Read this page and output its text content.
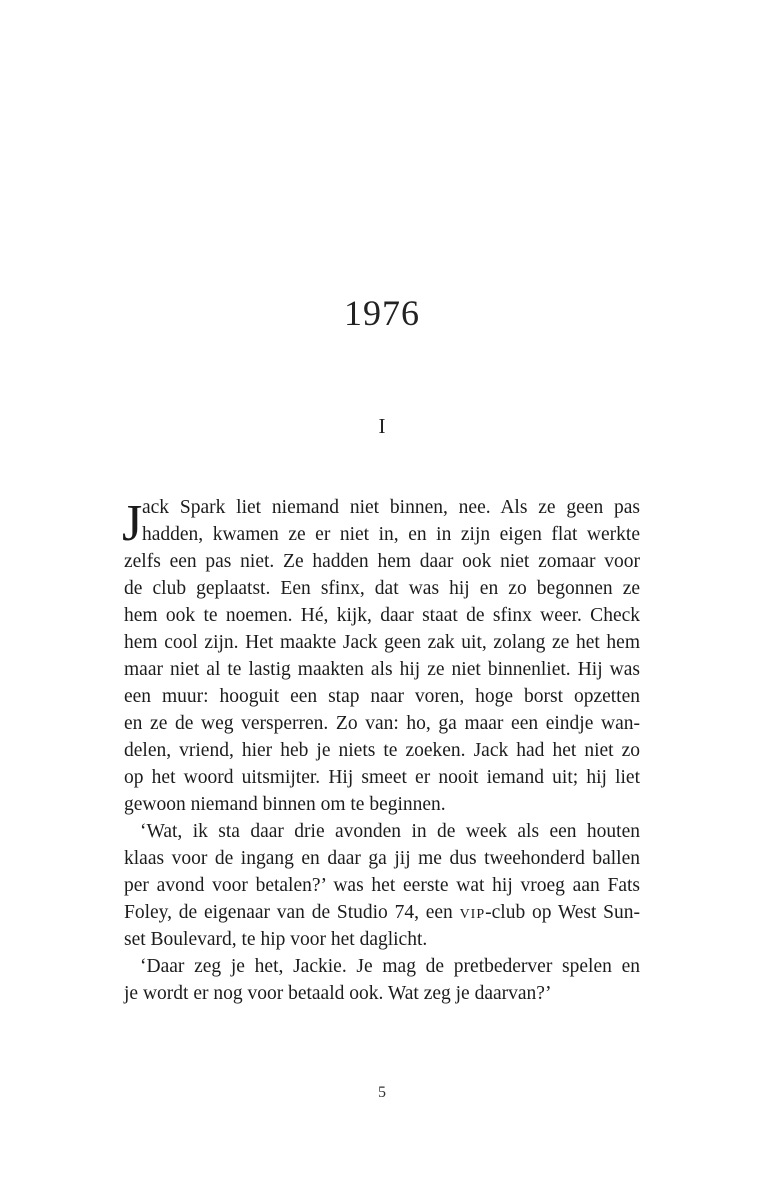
1976
I
J ack Spark liet niemand niet binnen, nee. Als ze geen pas
hadden, kwamen ze er niet in, en in zijn eigen flat werkte
zelfs een pas niet. Ze hadden hem daar ook niet zomaar voor
de club geplaatst. Een sfinx, dat was hij en zo begonnen ze
hem ook te noemen. Hé, kijk, daar staat de sfinx weer. Check
hem cool zijn. Het maakte Jack geen zak uit, zolang ze het hem
maar niet al te lastig maakten als hij ze niet binnenliet. Hij was
een muur: hooguit een stap naar voren, hoge borst opzetten
en ze de weg versperren. Zo van: ho, ga maar een eindje wan-
delen, vriend, hier heb je niets te zoeken. Jack had het niet zo
op het woord uitsmijter. Hij smeet er nooit iemand uit; hij liet
gewoon niemand binnen om te beginnen.
‘Wat, ik sta daar drie avonden in de week als een houten
klaas voor de ingang en daar ga jij me dus tweehonderd ballen
per avond voor betalen?’ was het eerste wat hij vroeg aan Fats
Foley, de eigenaar van de Studio 74, een VIP-club op West Sun-
set Boulevard, te hip voor het daglicht.
‘Daar zeg je het, Jackie. Je mag de pretbederver spelen en
je wordt er nog voor betaald ook. Wat zeg je daarvan?’
5
